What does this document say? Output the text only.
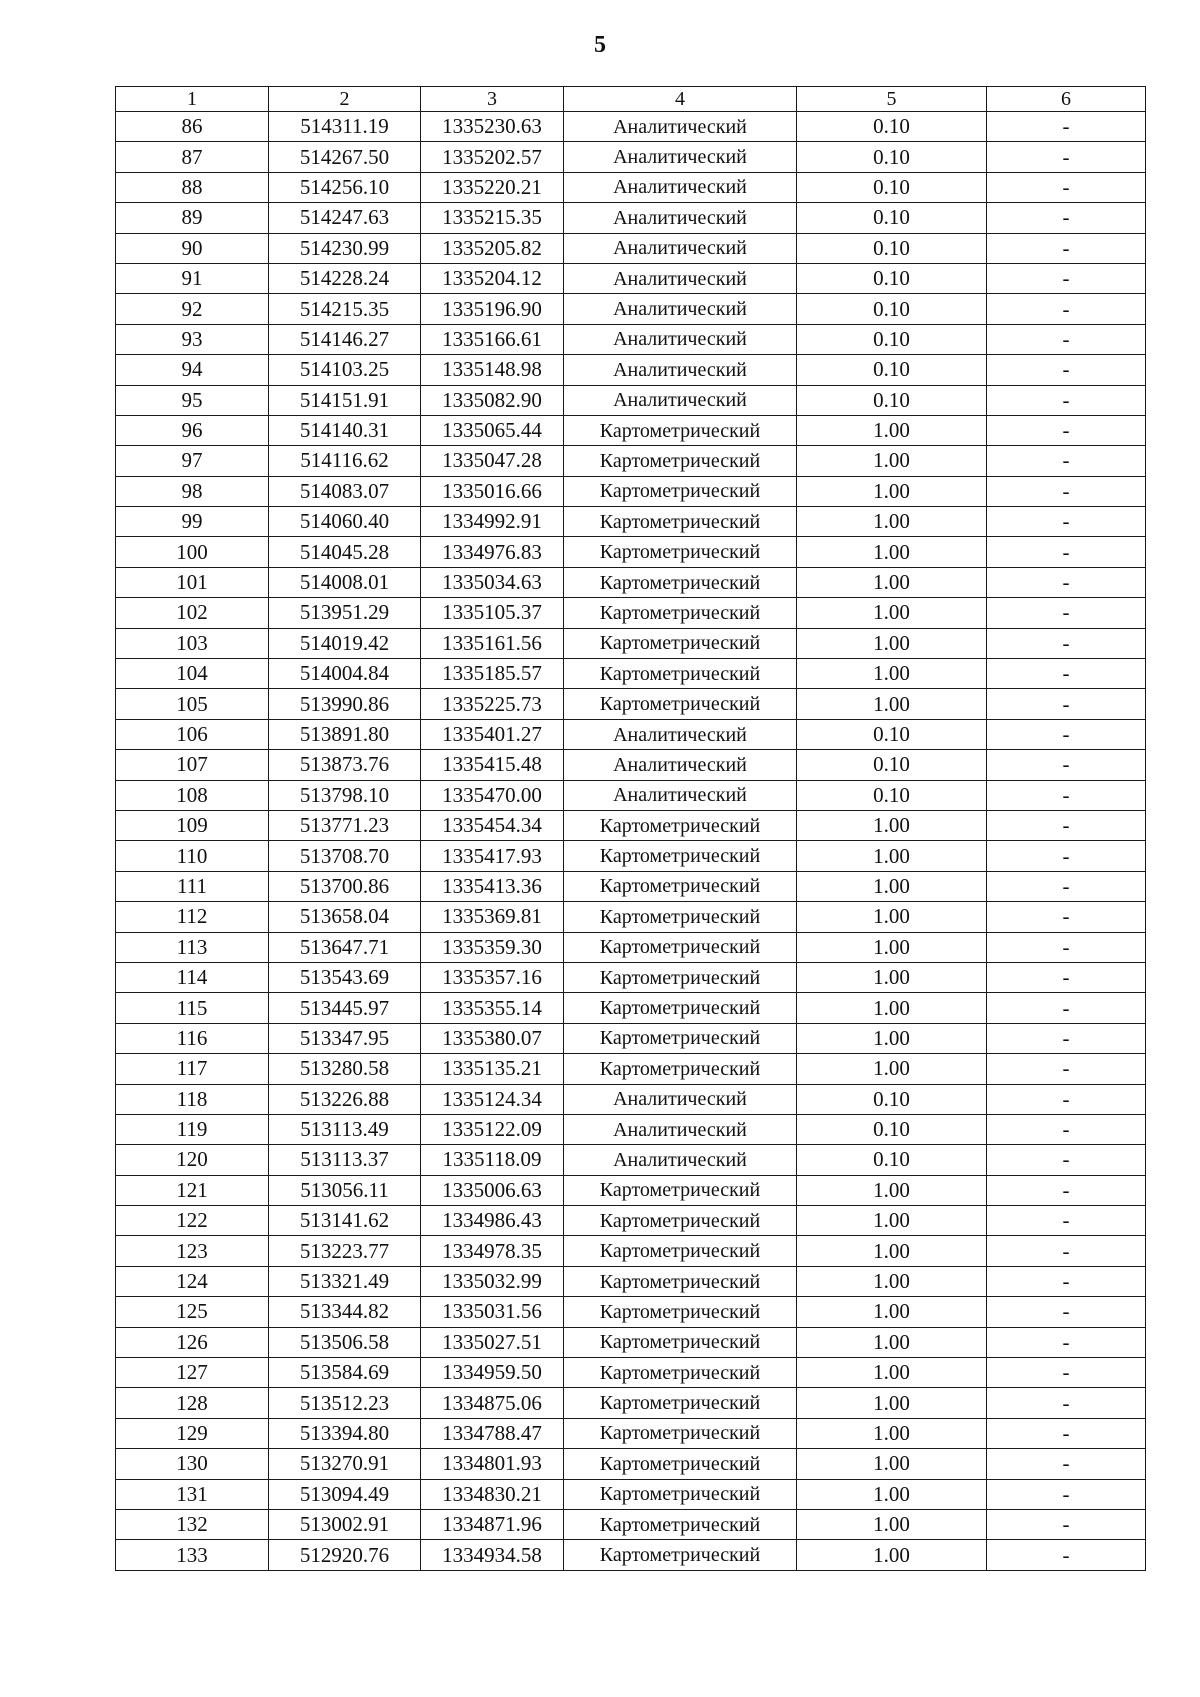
5
1	2	3	4	5	6
86	514311.19	1335230.63	Аналитический	0.10	-
87	514267.50	1335202.57	Аналитический	0.10	-
88	514256.10	1335220.21	Аналитический	0.10	-
89	514247.63	1335215.35	Аналитический	0.10	-
90	514230.99	1335205.82	Аналитический	0.10	-
91	514228.24	1335204.12	Аналитический	0.10	-
92	514215.35	1335196.90	Аналитический	0.10	-
93	514146.27	1335166.61	Аналитический	0.10	-
94	514103.25	1335148.98	Аналитический	0.10	-
95	514151.91	1335082.90	Аналитический	0.10	-
96	514140.31	1335065.44	Картометрический	1.00	-
97	514116.62	1335047.28	Картометрический	1.00	-
98	514083.07	1335016.66	Картометрический	1.00	-
99	514060.40	1334992.91	Картометрический	1.00	-
100	514045.28	1334976.83	Картометрический	1.00	-
101	514008.01	1335034.63	Картометрический	1.00	-
102	513951.29	1335105.37	Картометрический	1.00	-
103	514019.42	1335161.56	Картометрический	1.00	-
104	514004.84	1335185.57	Картометрический	1.00	-
105	513990.86	1335225.73	Картометрический	1.00	-
106	513891.80	1335401.27	Аналитический	0.10	-
107	513873.76	1335415.48	Аналитический	0.10	-
108	513798.10	1335470.00	Аналитический	0.10	-
109	513771.23	1335454.34	Картометрический	1.00	-
110	513708.70	1335417.93	Картометрический	1.00	-
111	513700.86	1335413.36	Картометрический	1.00	-
112	513658.04	1335369.81	Картометрический	1.00	-
113	513647.71	1335359.30	Картометрический	1.00	-
114	513543.69	1335357.16	Картометрический	1.00	-
115	513445.97	1335355.14	Картометрический	1.00	-
116	513347.95	1335380.07	Картометрический	1.00	-
117	513280.58	1335135.21	Картометрический	1.00	-
118	513226.88	1335124.34	Аналитический	0.10	-
119	513113.49	1335122.09	Аналитический	0.10	-
120	513113.37	1335118.09	Аналитический	0.10	-
121	513056.11	1335006.63	Картометрический	1.00	-
122	513141.62	1334986.43	Картометрический	1.00	-
123	513223.77	1334978.35	Картометрический	1.00	-
124	513321.49	1335032.99	Картометрический	1.00	-
125	513344.82	1335031.56	Картометрический	1.00	-
126	513506.58	1335027.51	Картометрический	1.00	-
127	513584.69	1334959.50	Картометрический	1.00	-
128	513512.23	1334875.06	Картометрический	1.00	-
129	513394.80	1334788.47	Картометрический	1.00	-
130	513270.91	1334801.93	Картометрический	1.00	-
131	513094.49	1334830.21	Картометрический	1.00	-
132	513002.91	1334871.96	Картометрический	1.00	-
133	512920.76	1334934.58	Картометрический	1.00	-
